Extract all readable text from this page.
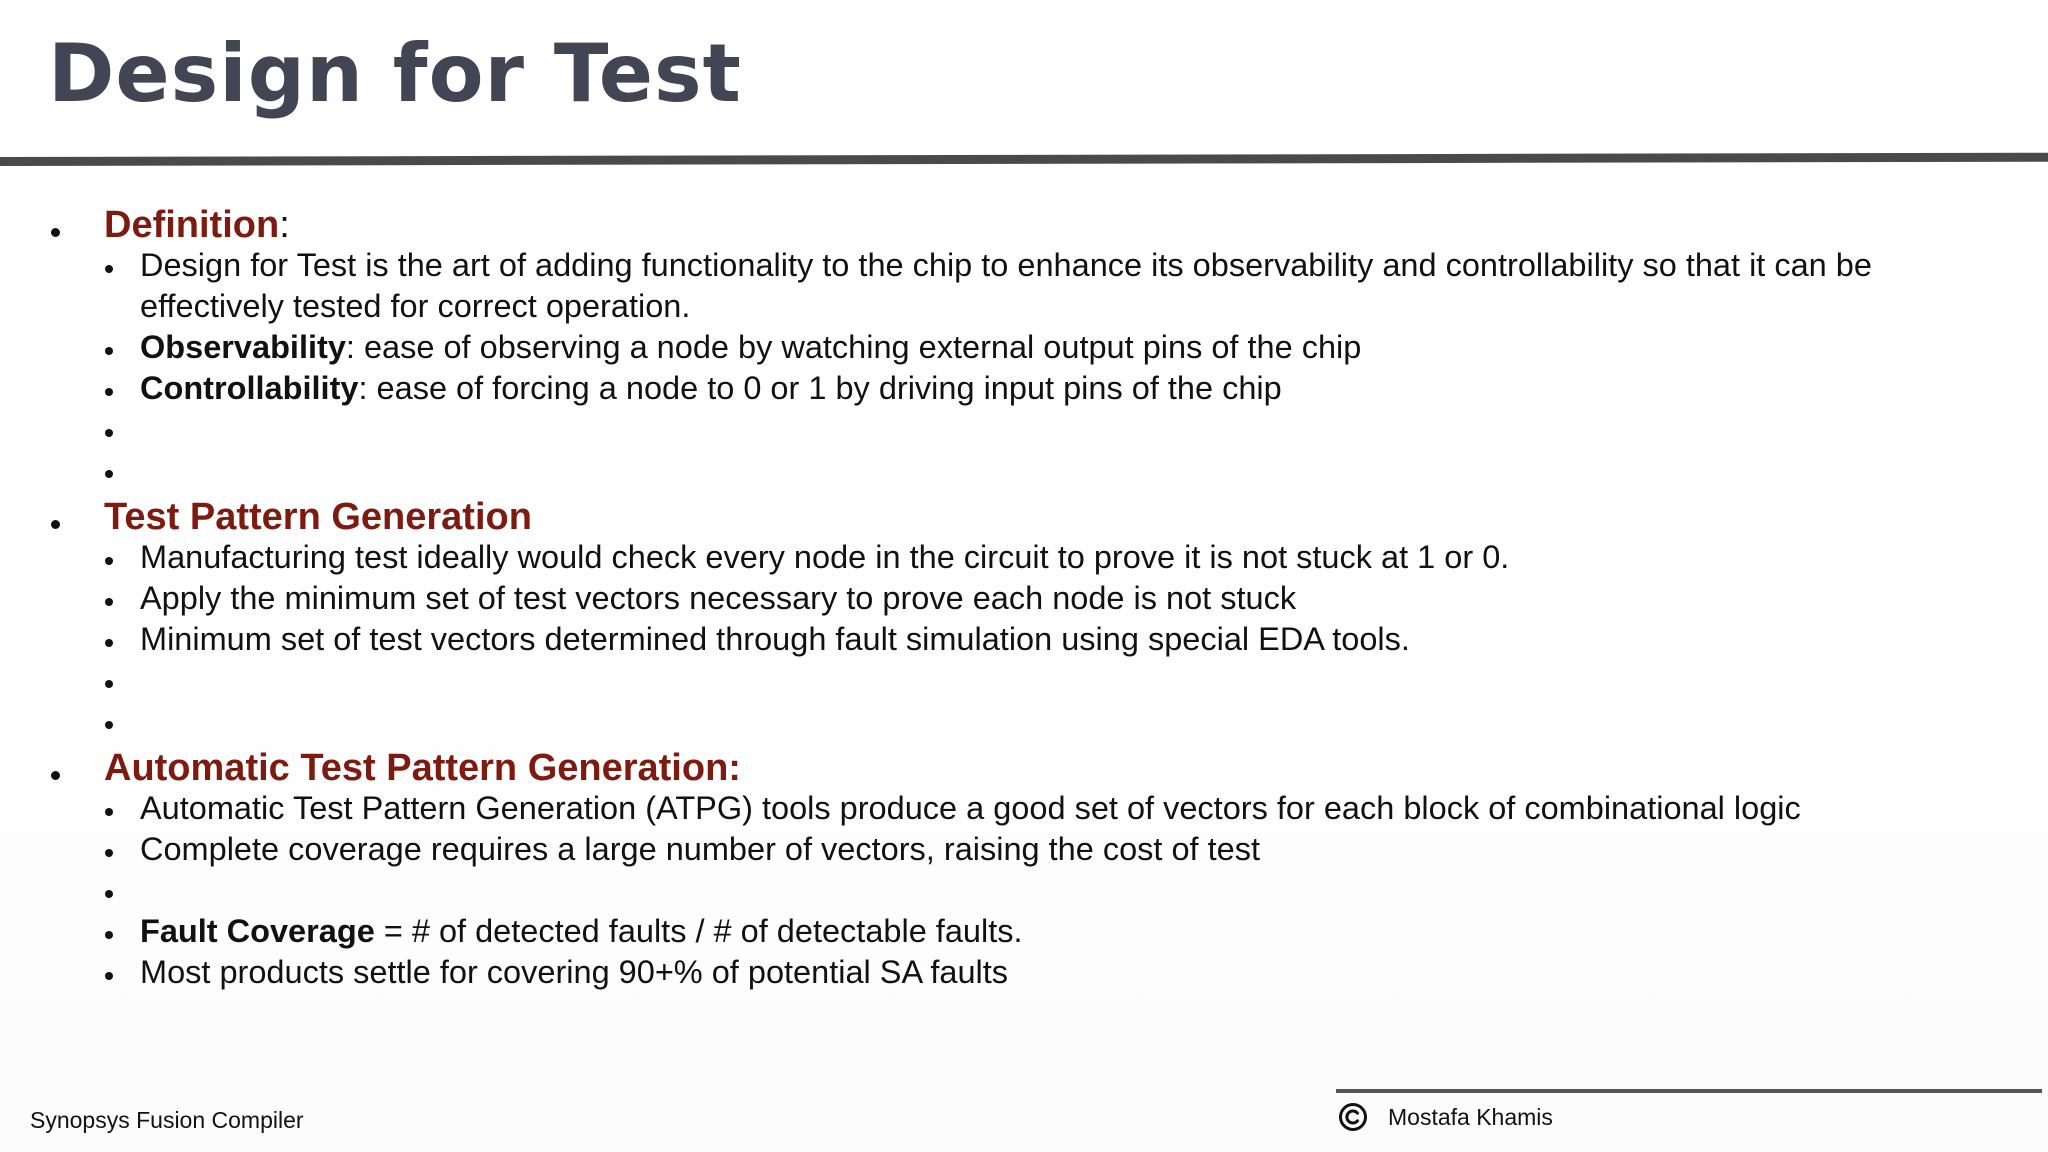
Design for Test
Definition:
Design for Test is the art of adding functionality to the chip to enhance its observability and controllability so that it can be
effectively tested for correct operation.
Observability: ease of observing a node by watching external output pins of the chip
Controllability: ease of forcing a node to 0 or 1 by driving input pins of the chip
Test Pattern Generation
Manufacturing test ideally would check every node in the circuit to prove it is not stuck at 1 or 0.
Apply the minimum set of test vectors necessary to prove each node is not stuck
Minimum set of test vectors determined through fault simulation using special EDA tools.
Automatic Test Pattern Generation:
Automatic Test Pattern Generation (ATPG) tools produce a good set of vectors for each block of combinational logic
Complete coverage requires a large number of vectors, raising the cost of test
Fault Coverage = # of detected faults / # of detectable faults.
Most products settle for covering 90+% of potential SA faults
Synopsys Fusion Compiler	Mostafa Khamis
